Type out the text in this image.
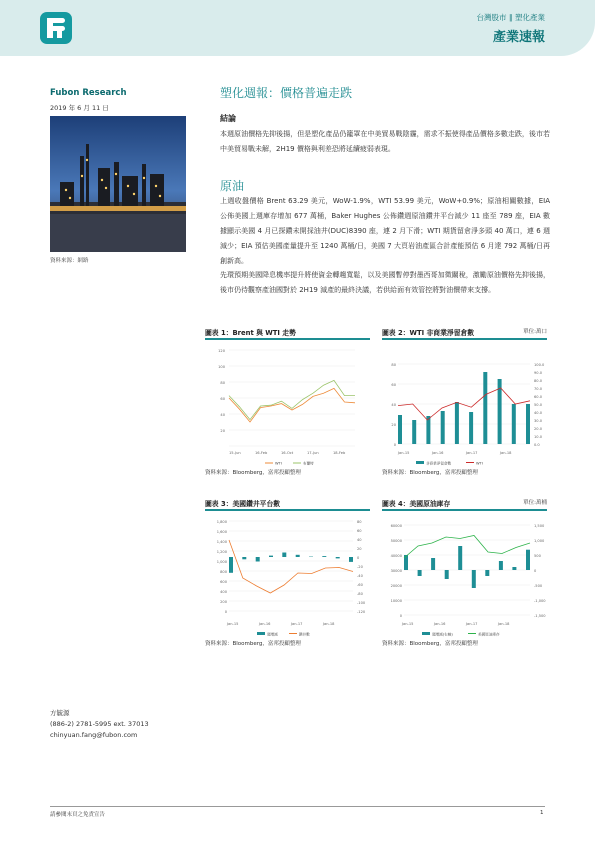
台灣股市 ∥ 塑化產業
產業速報
Fubon Research
2019 年 6 月 11 日
資料來源：網路
塑化週報：價格普遍走跌
結論
本週原油價格先抑後揚，但是塑化產品仍籠罩在中美貿易戰陰霾，需求不振使得產品價格多數走跌，後市若中美貿易戰未解，2H19 價格與利差恐將延續疲弱表現。
原油
上週收盤價格 Brent 63.29 美元，WoW-1.9%，WTI 53.99 美元，WoW+0.9%；原油相關數據，EIA 公佈美國上週庫存增加 677 萬桶，Baker Hughes 公佈鑽週原油鑽井平台減少 11 座至 789 座，EIA 數據顯示美國 4 月已探鑽未開採油井(DUC)8390 座，連 2 月下滑；WTI 期貨留倉淨多頭 40 萬口，連 6 週減少；EIA 預估美國產量提升至 1240 萬桶/日，美國 7 大頁岩油產區合計產能預估 6 月達 792 萬桶/日再創新高。
先環預期美國降息機率提升將使資金轉趨寬鬆，以及美國暫停對墨西哥加徵關稅，激勵原油價格先抑後揚，後市仍待觀察產油國對於 2H19 減產的最終決議，若供給面有效管控將對油價帶來支撐。
圖表 1：Brent 與 WTI 走勢
120
100
80
60
40
20
15-Jun	16-Feb	16-Oct	17-Jun	18-Feb
WTI	布蘭特
資料來源：Bloomberg，富邦投顧整理
圖表 2：WTI 非商業淨留倉數	單位:萬口
80
60
40
20
0
100.0
90.0
80.0
70.0
60.0
50.0
40.0
30.0
20.0
10.0
0.0
Jan-15	Jan-16	Jan-17	Jan-18
非商業淨留倉數	WTI
資料來源：Bloomberg，富邦投顧整理
圖表 3：美國鑽井平台數
1,800
1,600
1,400
1,200
1,000
800
600
400
200
0
80
60
40
20
0
-20
-40
-60
-80
-100
-120
Jan-15	Jan-16	Jan-17	Jan-18
週增減	鑽井數
資料來源：Bloomberg，富邦投顧整理
圖表 4：美國原油庫存	單位:萬桶
60000
50000
40000
30000
20000
10000
0
1,500
1,000
500
0
-500
-1,000
-1,500
Jan-15	Jan-16	Jan-17	Jan-18
週增減(右軸)	美國原油庫存
資料來源：Bloomberg，富邦投顧整理
方毓源
(886-2) 2781-5995 ext. 37013
chinyuan.fang@fubon.com
請參閱末頁之免責宣告	1
